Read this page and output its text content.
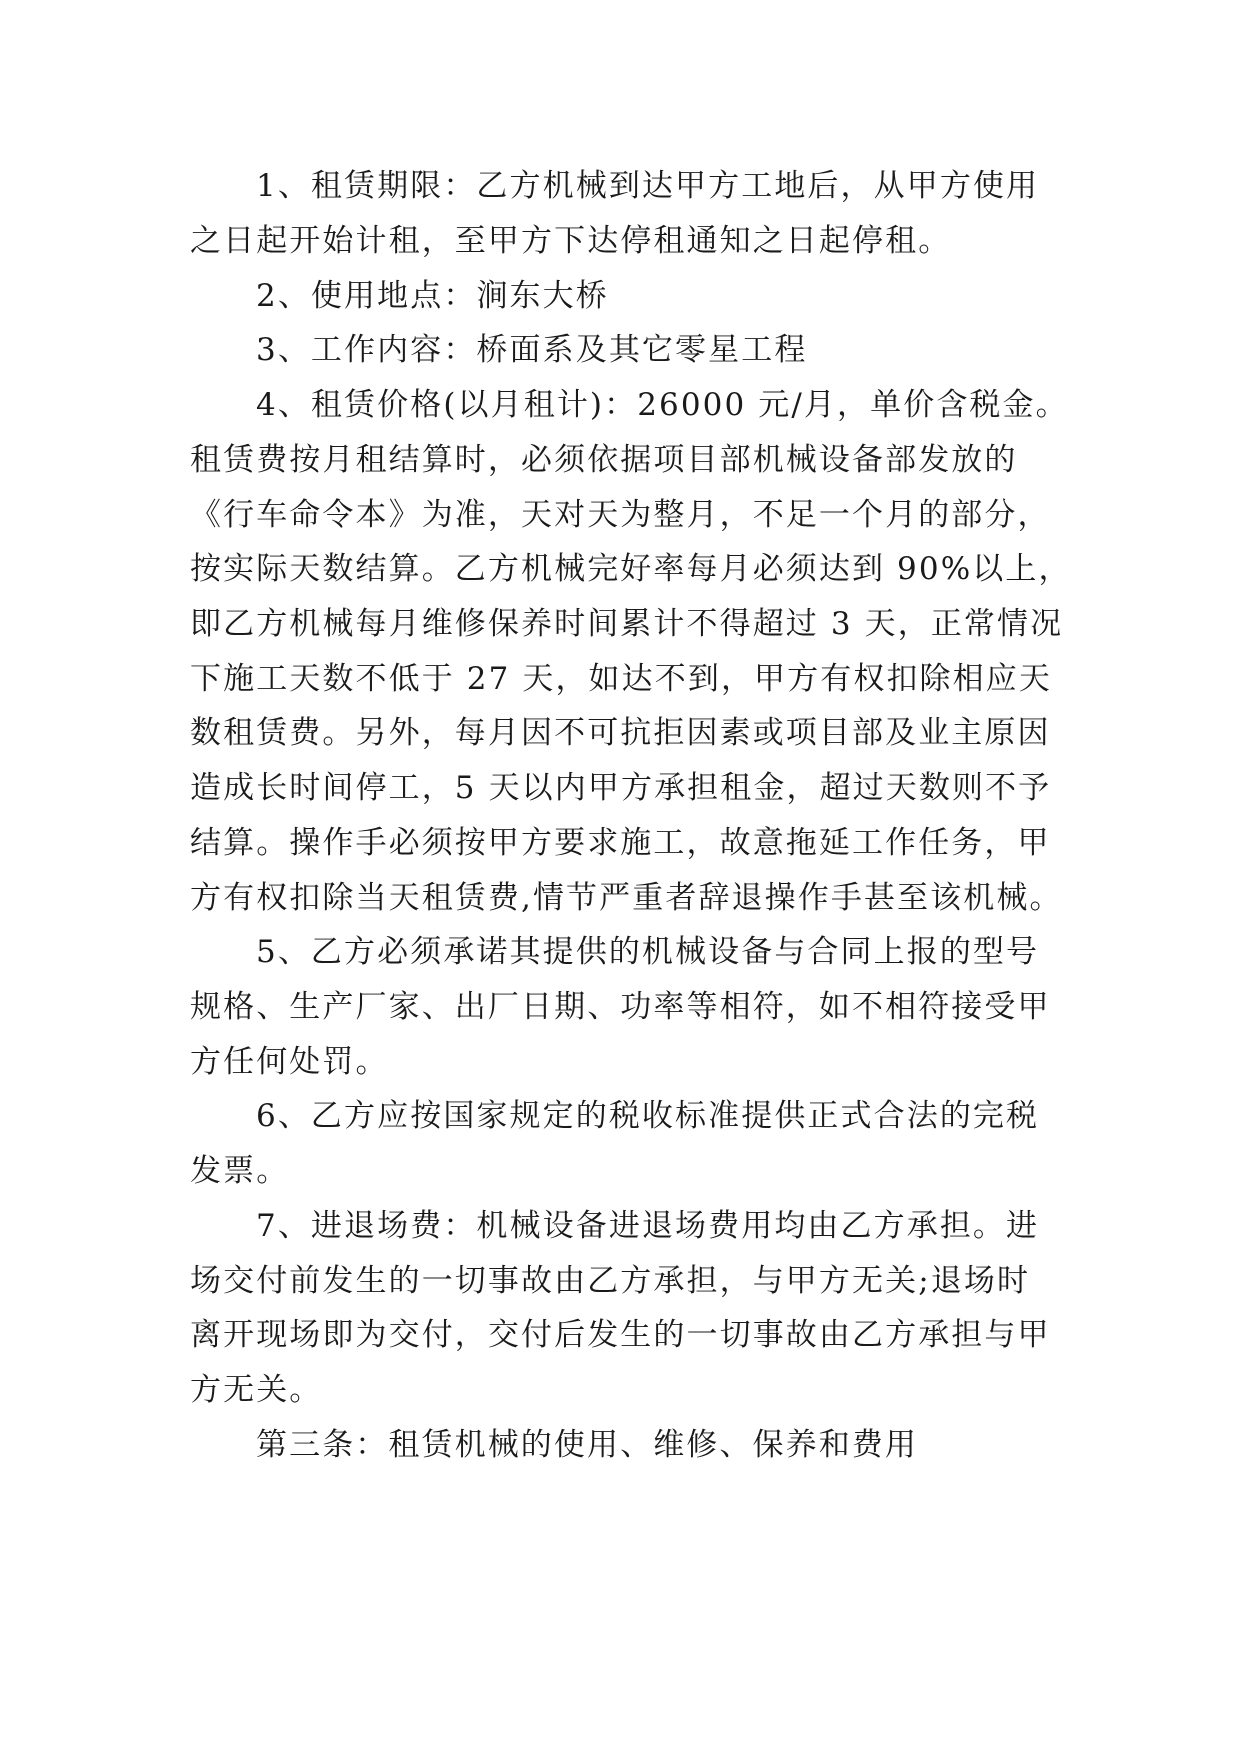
1、租赁期限：乙方机械到达甲方工地后，从甲方使用
之日起开始计租，至甲方下达停租通知之日起停租。
2、使用地点：涧东大桥
3、工作内容：桥面系及其它零星工程
4、租赁价格(以月租计)：26000 元/月，单价含税金。
租赁费按月租结算时，必须依据项目部机械设备部发放的
《行车命令本》为准，天对天为整月，不足一个月的部分，
按实际天数结算。乙方机械完好率每月必须达到 90%以上，
即乙方机械每月维修保养时间累计不得超过 3 天，正常情况
下施工天数不低于 27 天，如达不到，甲方有权扣除相应天
数租赁费。另外，每月因不可抗拒因素或项目部及业主原因
造成长时间停工，5 天以内甲方承担租金，超过天数则不予
结算。操作手必须按甲方要求施工，故意拖延工作任务，甲
方有权扣除当天租赁费,情节严重者辞退操作手甚至该机械。
5、乙方必须承诺其提供的机械设备与合同上报的型号
规格、生产厂家、出厂日期、功率等相符，如不相符接受甲
方任何处罚。
6、乙方应按国家规定的税收标准提供正式合法的完税
发票。
7、进退场费：机械设备进退场费用均由乙方承担。进
场交付前发生的一切事故由乙方承担，与甲方无关;退场时
离开现场即为交付，交付后发生的一切事故由乙方承担与甲
方无关。
第三条：租赁机械的使用、维修、保养和费用
